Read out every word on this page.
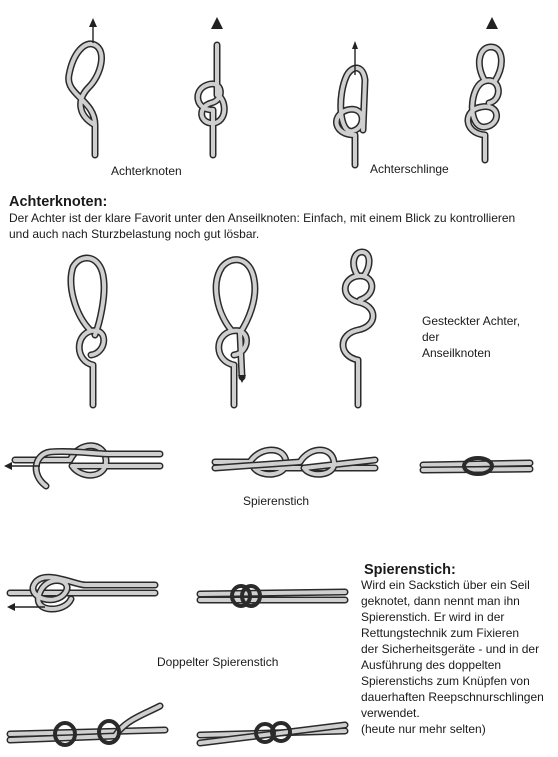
Achterknoten	Achterschlinge
Achterknoten:
Der Achter ist der klare Favorit unter den Anseilknoten: Einfach, mit einem Blick zu kontrollieren
und auch nach Sturzbelastung noch gut lösbar.
Gesteckter Achter,
der
Anseilknoten
Spierenstich
Doppelter Spierenstich
Spierenstich:
Wird ein Sackstich über ein Seil
geknotet, dann nennt man ihn
Spierenstich. Er wird in der
Rettungstechnik zum Fixieren
der Sicherheitsgeräte - und in der
Ausführung des doppelten
Spierenstichs zum Knüpfen von
dauerhaften Reepschnurschlingen
verwendet.
(heute nur mehr selten)
